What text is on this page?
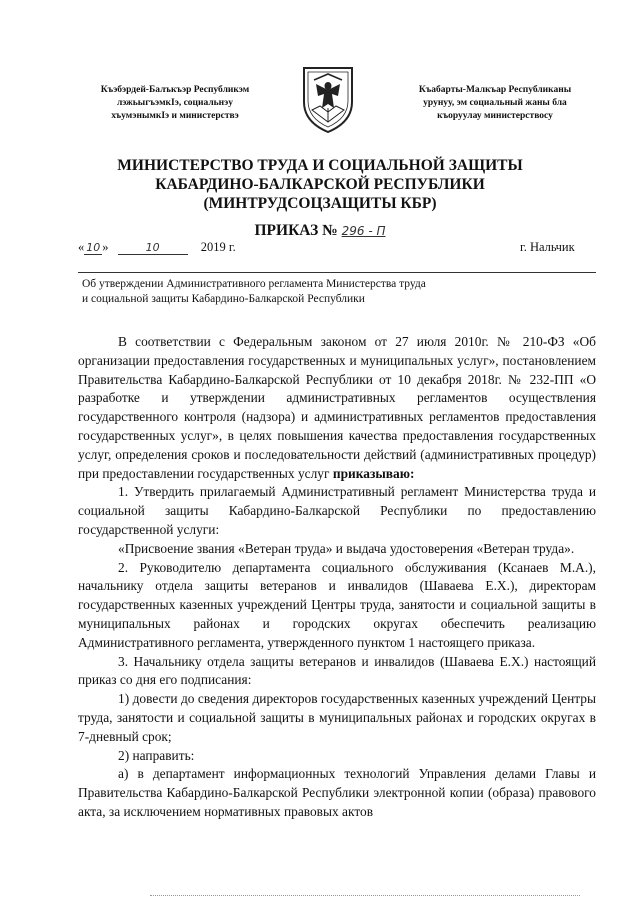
Къэбэрдей-Балъкъэр Республикэм
лэжьыгъэмкIэ, социальнэу
хъумэнымкIэ и министерствэ
Къабарты-Малкъар Республиканы
урунуу, эм социальный жаны бла
къоруулау министерствосу
МИНИСТЕРСТВО ТРУДА И СОЦИАЛЬНОЙ ЗАЩИТЫ
КАБАРДИНО-БАЛКАРСКОЙ РЕСПУБЛИКИ
(МИНТРУДСОЦЗАЩИТЫ КБР)
ПРИКАЗ № 296 - П
« 10 »	10	2019 г.	г. Нальчик
Об утверждении Административного регламента Министерства труда
и социальной защиты Кабардино-Балкарской Республики

В соответствии с Федеральным законом от 27 июля 2010г. № 210-ФЗ «Об организации предоставления государственных и муниципальных услуг», постановлением Правительства Кабардино-Балкарской Республики от 10 декабря 2018г. № 232-ПП «О разработке и утверждении административных регламентов осуществления государственного контроля (надзора) и административных регламентов предоставления государственных услуг», в целях повышения качества предоставления государственных услуг, определения сроков и последовательности действий (административных процедур) при предоставлении государственных услуг приказываю:

1. Утвердить прилагаемый Административный регламент Министерства труда и социальной защиты Кабардино-Балкарской Республики по предоставлению государственной услуги:

«Присвоение звания «Ветеран труда» и выдача удостоверения «Ветеран труда».

2. Руководителю департамента социального обслуживания (Ксанаев М.А.), начальнику отдела защиты ветеранов и инвалидов (Шаваева Е.Х.), директорам государственных казенных учреждений Центры труда, занятости и социальной защиты в муниципальных районах и городских округах обеспечить реализацию Административного регламента, утвержденного пунктом 1 настоящего приказа.

3. Начальнику отдела защиты ветеранов и инвалидов (Шаваева Е.Х.) настоящий приказ со дня его подписания:

1) довести до сведения директоров государственных казенных учреждений Центры труда, занятости и социальной защиты в муниципальных районах и городских округах в 7-дневный срок;

2) направить:

а) в департамент информационных технологий Управления делами Главы и Правительства Кабардино-Балкарской Республики электронной копии (образа) правового акта, за исключением нормативных правовых актов
